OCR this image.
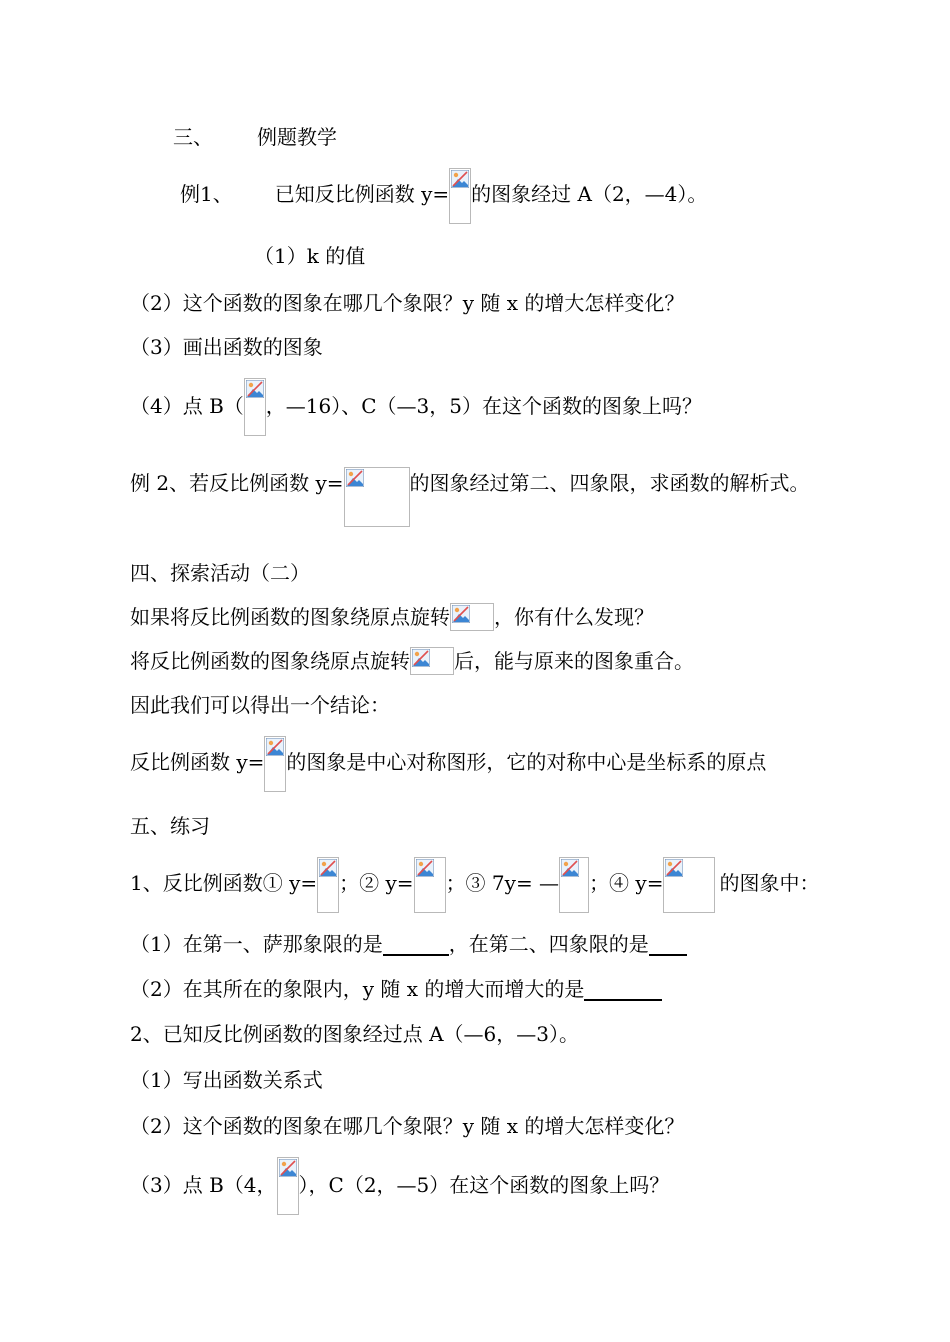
三、 例题教学
例1、 已知反比例函数 y= 的图象经过 A（2，—4）。
（1）k 的值
（2）这个函数的图象在哪几个象限？y 随 x 的增大怎样变化？
（3）画出函数的图象
（4）点 B（ ，—16）、C（—3，5）在这个函数的图象上吗？
例 2、若反比例函数 y=	的图象经过第二、四象限，求函数的解析式。
四、探索活动（二）
如果将反比例函数的图象绕原点旋转 ，你有什么发现？
将反比例函数的图象绕原点旋转 后，能与原来的图象重合。
因此我们可以得出一个结论：
反比例函数 y= 的图象是中心对称图形，它的对称中心是坐标系的原点
五、练习
1、反比例函数① y= ；② y= ；③ 7y= — ；④ y=	的图象中：
（1）在第一、萨那象限的是	，在第二、四象限的是
（2）在其所在的象限内，y 随 x 的增大而增大的是
2、已知反比例函数的图象经过点 A（—6，—3）。
（1）写出函数关系式
（2）这个函数的图象在哪几个象限？y 随 x 的增大怎样变化？
（3）点 B（4， ），C（2，—5）在这个函数的图象上吗？
